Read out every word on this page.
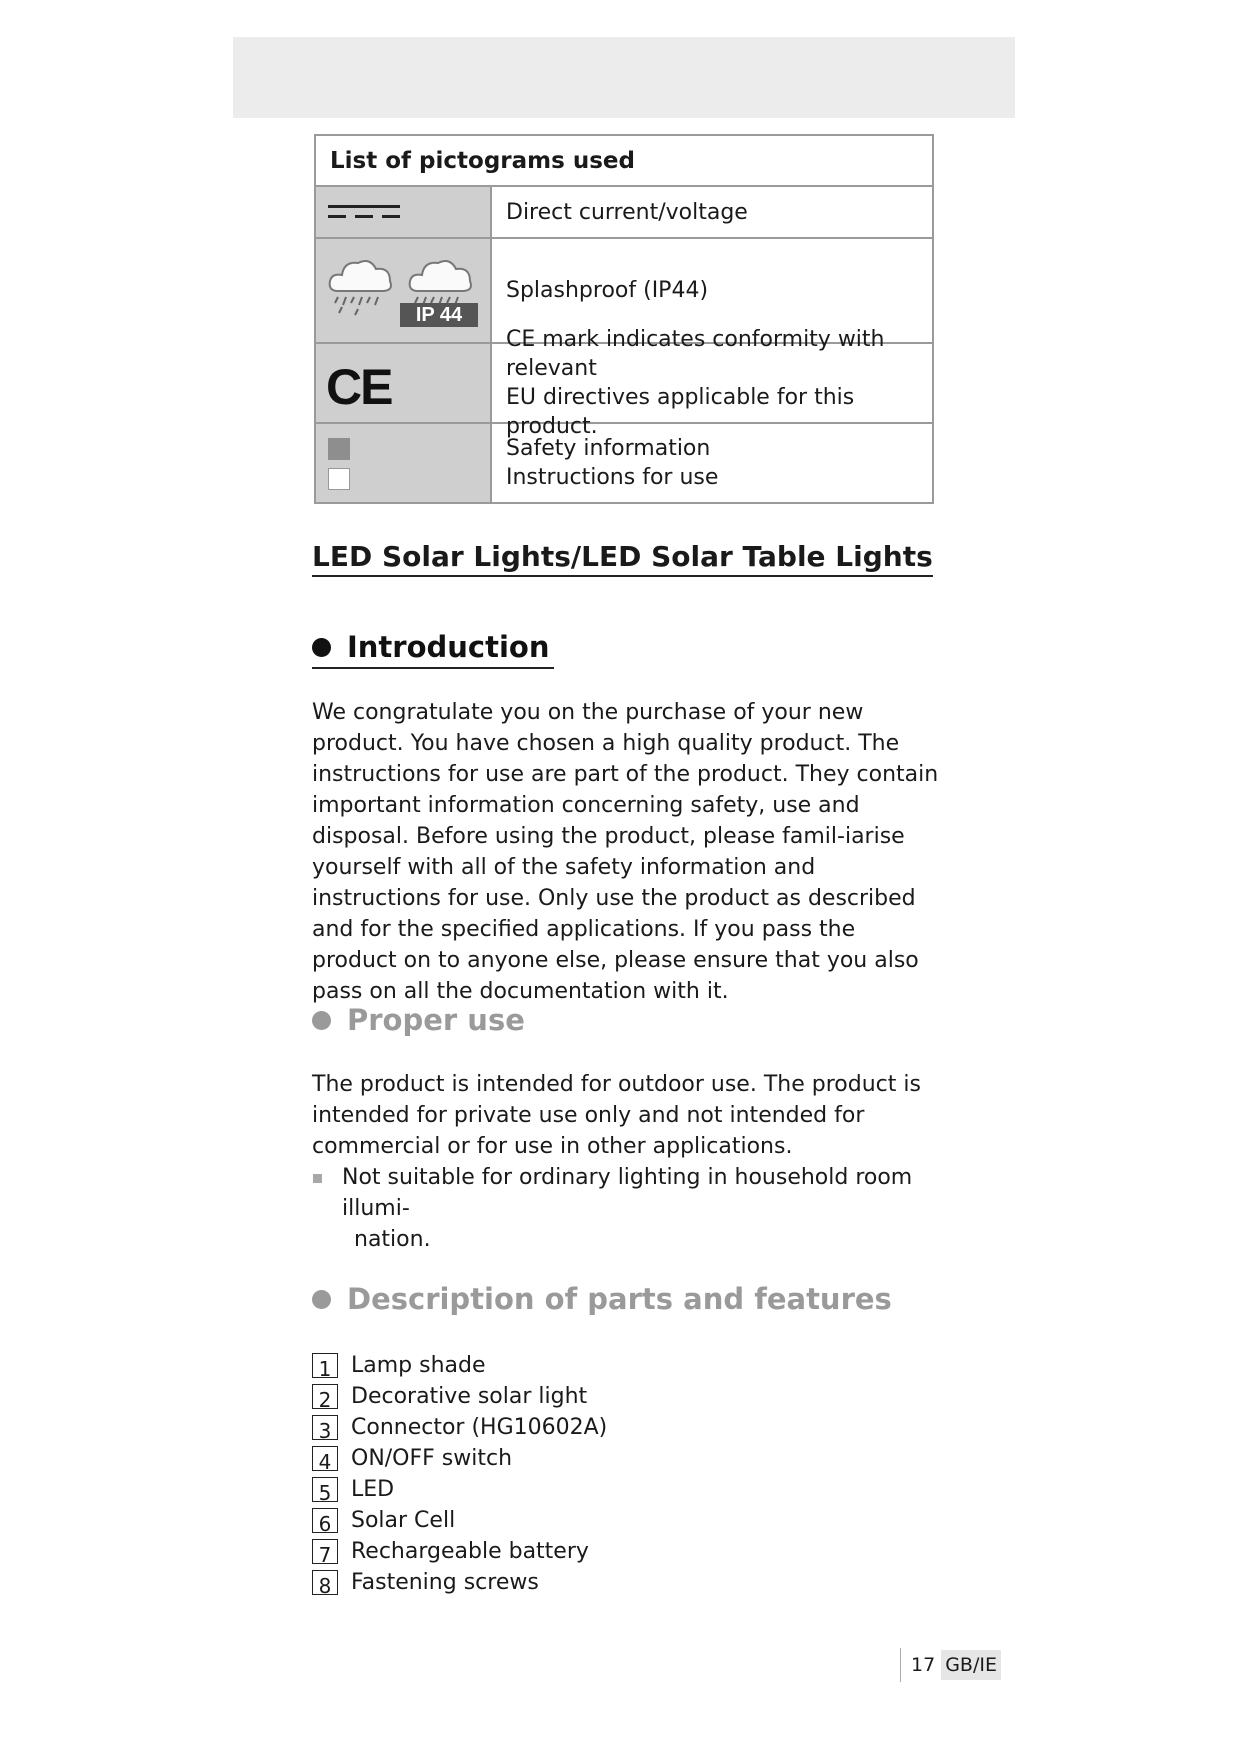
List of pictograms used
Direct current/voltage
IP 44
Splashproof (IP44)
CE
CE mark indicates conformity with relevant
EU directives applicable for this product.
Safety information
Instructions for use
LED Solar Lights/LED Solar Table Lights
Introduction

We congratulate you on the purchase of your new product. You have chosen a high quality product. The instructions for use are part of the product. They contain important information concerning safety, use and disposal. Before using the product, please famil-iarise yourself with all of the safety information and instructions for use. Only use the product as described and for the specified applications. If you pass the product on to anyone else, please ensure that you also pass on all the documentation with it.

Proper use

The product is intended for outdoor use. The product is intended for private use only and not intended for commercial or for use in other applications.

Not suitable for ordinary lighting in household room illumi-
nation.
Description of parts and features
1 Lamp shade
2 Decorative solar light
3 Connector (HG10602A)
4 ON/OFF switch
5 LED
6 Solar Cell
7 Rechargeable battery
8 Fastening screws
17 GB/IE
